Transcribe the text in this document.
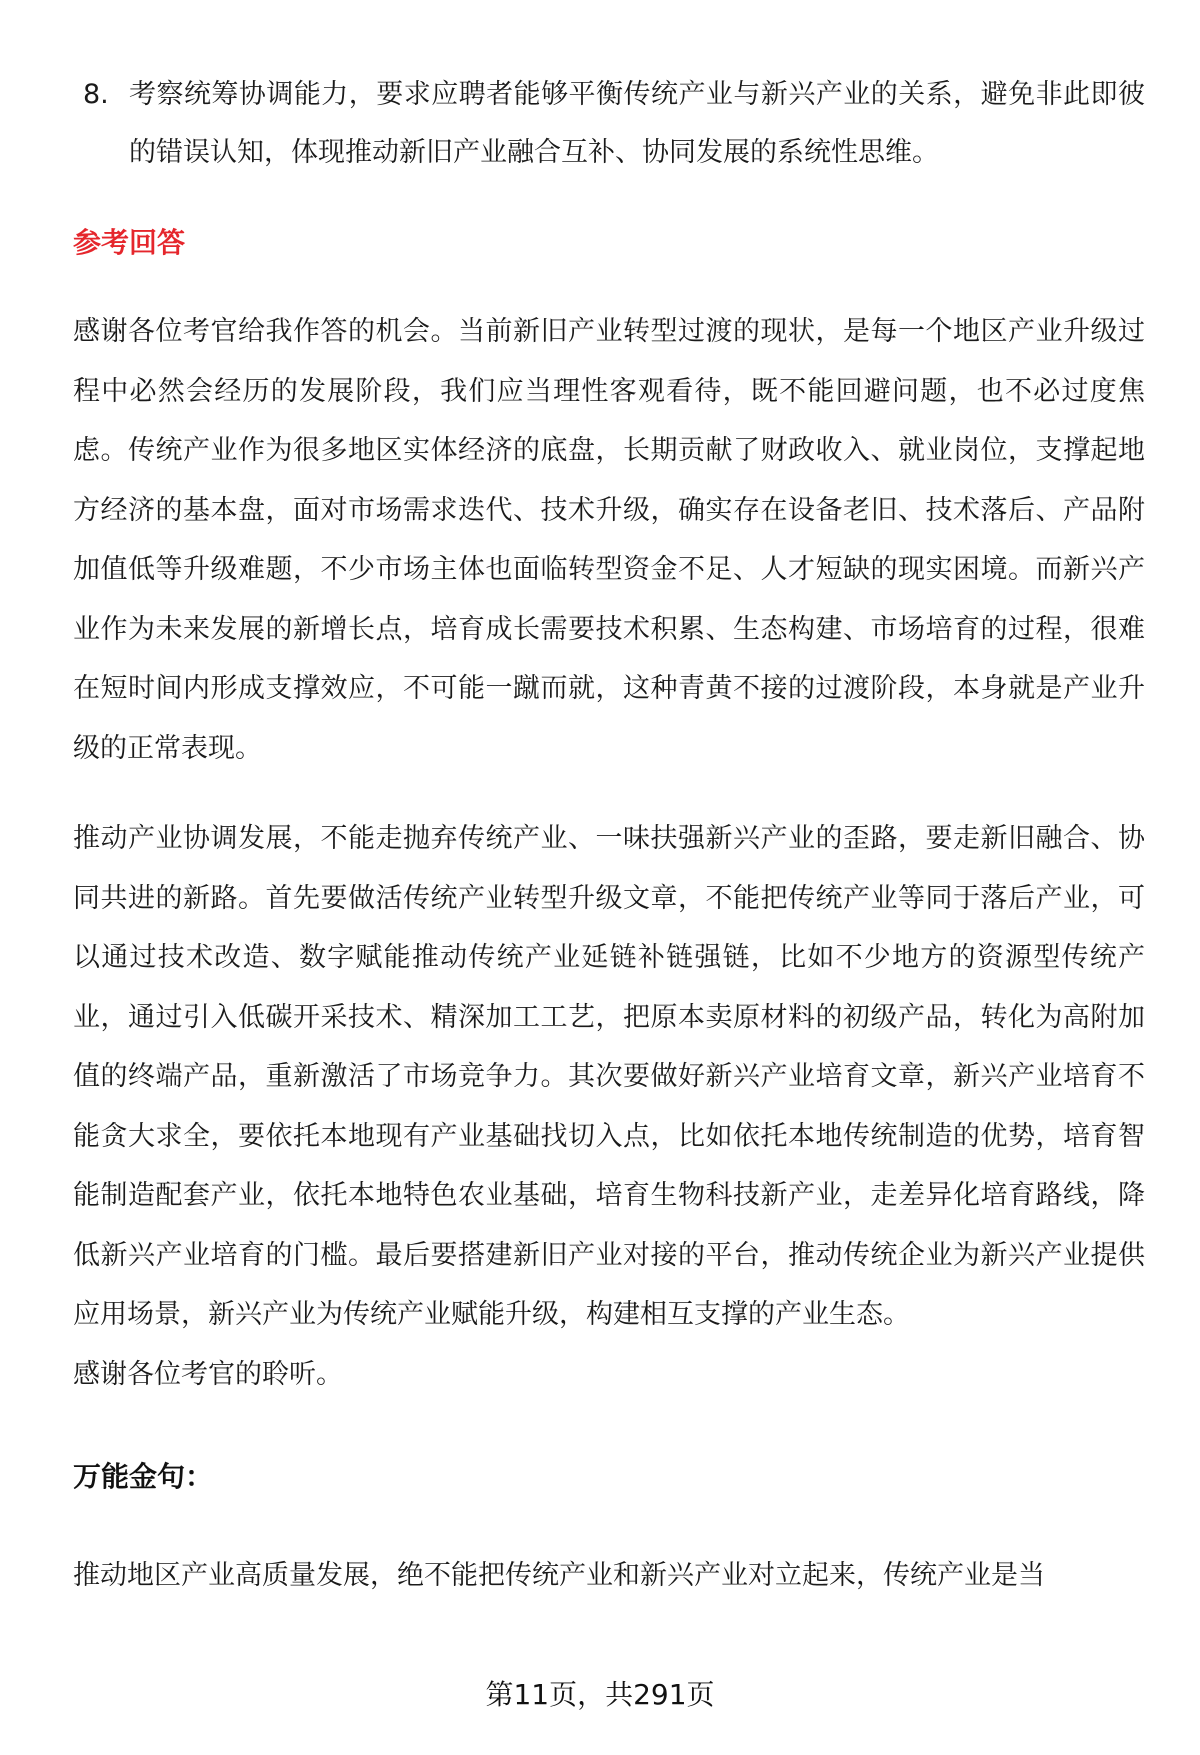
8. 考察统筹协调能力，要求应聘者能够平衡传统产业与新兴产业的关系，避免非此即彼的错误认知，体现推动新旧产业融合互补、协同发展的系统性思维。
参考回答

感谢各位考官给我作答的机会。当前新旧产业转型过渡的现状，是每一个地区产业升级过程中必然会经历的发展阶段，我们应当理性客观看待，既不能回避问题，也不必过度焦虑。传统产业作为很多地区实体经济的底盘，长期贡献了财政收入、就业岗位，支撑起地方经济的基本盘，面对市场需求迭代、技术升级，确实存在设备老旧、技术落后、产品附加值低等升级难题，不少市场主体也面临转型资金不足、人才短缺的现实困境。而新兴产业作为未来发展的新增长点，培育成长需要技术积累、生态构建、市场培育的过程，很难在短时间内形成支撑效应，不可能一蹴而就，这种青黄不接的过渡阶段，本身就是产业升级的正常表现。

推动产业协调发展，不能走抛弃传统产业、一味扶强新兴产业的歪路，要走新旧融合、协同共进的新路。首先要做活传统产业转型升级文章，不能把传统产业等同于落后产业，可以通过技术改造、数字赋能推动传统产业延链补链强链，比如不少地方的资源型传统产业，通过引入低碳开采技术、精深加工工艺，把原本卖原材料的初级产品，转化为高附加值的终端产品，重新激活了市场竞争力。其次要做好新兴产业培育文章，新兴产业培育不能贪大求全，要依托本地现有产业基础找切入点，比如依托本地传统制造的优势，培育智能制造配套产业，依托本地特色农业基础，培育生物科技新产业，走差异化培育路线，降低新兴产业培育的门槛。最后要搭建新旧产业对接的平台，推动传统企业为新兴产业提供应用场景，新兴产业为传统产业赋能升级，构建相互支撑的产业生态。

感谢各位考官的聆听。

万能金句：

推动地区产业高质量发展，绝不能把传统产业和新兴产业对立起来，传统产业是当

第11页，共291页
